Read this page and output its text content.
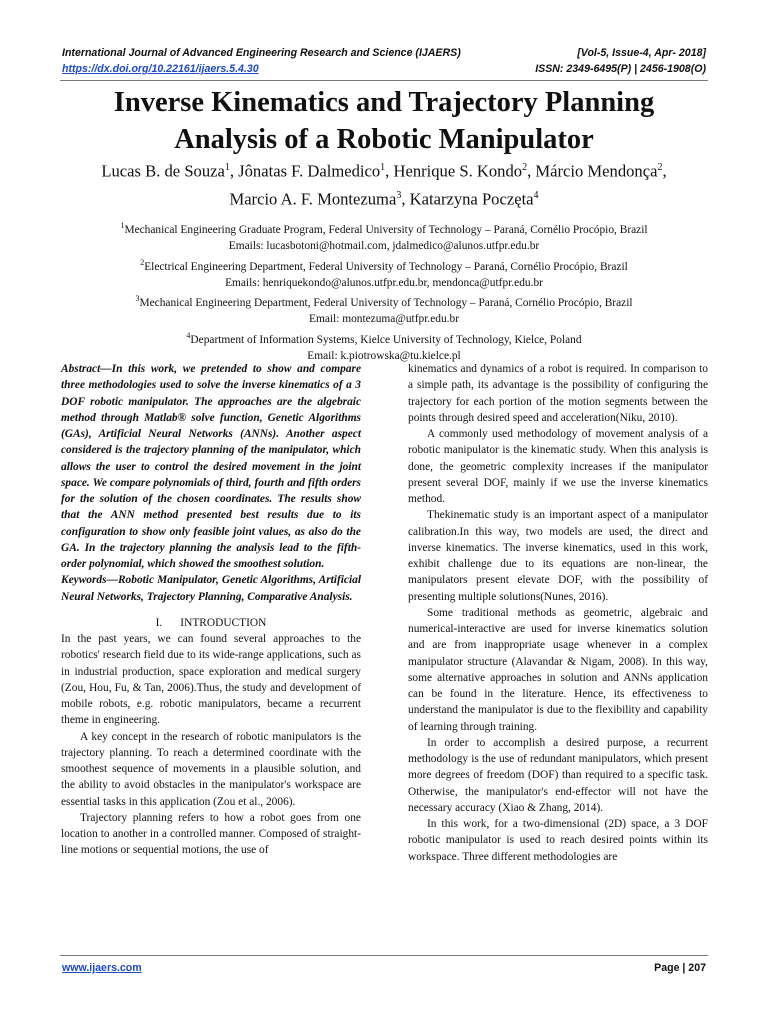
International Journal of Advanced Engineering Research and Science (IJAERS)
https://dx.doi.org/10.22161/ijaers.5.4.30
[Vol-5, Issue-4, Apr- 2018]
ISSN: 2349-6495(P) | 2456-1908(O)
Inverse Kinematics and Trajectory Planning
Analysis of a Robotic Manipulator
Lucas B. de Souza$^1$, Jônatas F. Dalmedico$^1$, Henrique S. Kondo$^2$, Márcio Mendonça$^2$,
Marcio A. F. Montezuma$^3$, Katarzyna Poczęta$^4$
$^1$Mechanical Engineering Graduate Program, Federal University of Technology – Paraná, Cornélio Procópio, Brazil
Emails: lucasbotoni@hotmail.com, jdalmedico@alunos.utfpr.edu.br
$^2$Electrical Engineering Department, Federal University of Technology – Paraná, Cornélio Procópio, Brazil
Emails: henriquekondo@alunos.utfpr.edu.br, mendonca@utfpr.edu.br
$^3$Mechanical Engineering Department, Federal University of Technology – Paraná, Cornélio Procópio, Brazil
Email: montezuma@utfpr.edu.br
$^4$Department of Information Systems, Kielce University of Technology, Kielce, Poland
Email: k.piotrowska@tu.kielce.pl

Abstract—In this work, we pretended to show and compare three methodologies used to solve the inverse kinematics of a 3 DOF robotic manipulator. The approaches are the algebraic method through Matlab® solve function, Genetic Algorithms (GAs), Artificial Neural Networks (ANNs). Another aspect considered is the trajectory planning of the manipulator, which allows the user to control the desired movement in the joint space. We compare polynomials of third, fourth and fifth orders for the solution of the chosen coordinates. The results show that the ANN method presented best results due to its configuration to show only feasible joint values, as also do the GA. In the trajectory planning the analysis lead to the fifth-order polynomial, which showed the smoothest solution.

Keywords—Robotic Manipulator, Genetic Algorithms, Artificial Neural Networks, Trajectory Planning, Comparative Analysis.

I. INTRODUCTION

In the past years, we can found several approaches to the robotics' research field due to its wide-range applications, such as in industrial production, space exploration and medical surgery (Zou, Hou, Fu, & Tan, 2006).Thus, the study and development of mobile robots, e.g. robotic manipulators, became a recurrent theme in engineering.

A key concept in the research of robotic manipulators is the trajectory planning. To reach a determined coordinate with the smoothest sequence of movements in a plausible solution, and the ability to avoid obstacles in the manipulator's workspace are essential tasks in this application (Zou et al., 2006).

Trajectory planning refers to how a robot goes from one location to another in a controlled manner. Composed of straight-line motions or sequential motions, the use of

kinematics and dynamics of a robot is required. In comparison to a simple path, its advantage is the possibility of configuring the trajectory for each portion of the motion segments between the points through desired speed and acceleration(Niku, 2010).

A commonly used methodology of movement analysis of a robotic manipulator is the kinematic study. When this analysis is done, the geometric complexity increases if the manipulator present several DOF, mainly if we use the inverse kinematics method.

Thekinematic study is an important aspect of a manipulator calibration.In this way, two models are used, the direct and inverse kinematics. The inverse kinematics, used in this work, exhibit challenge due to its equations are non-linear, the manipulators present elevate DOF, with the possibility of presenting multiple solutions(Nunes, 2016).

Some traditional methods as geometric, algebraic and numerical-interactive are used for inverse kinematics solution and are from inappropriate usage whenever in a complex manipulator structure (Alavandar & Nigam, 2008). In this way, some alternative approaches in solution and ANNs application can be found in the literature. Hence, its effectiveness to understand the manipulator is due to the flexibility and capability of learning through training.

In order to accomplish a desired purpose, a recurrent methodology is the use of redundant manipulators, which present more degrees of freedom (DOF) than required to a specific task. Otherwise, the manipulator's end-effector will not have the necessary accuracy (Xiao & Zhang, 2014).

In this work, for a two-dimensional (2D) space, a 3 DOF robotic manipulator is used to reach desired points within its workspace. Three different methodologies are

www.ijaers.com	Page | 207
